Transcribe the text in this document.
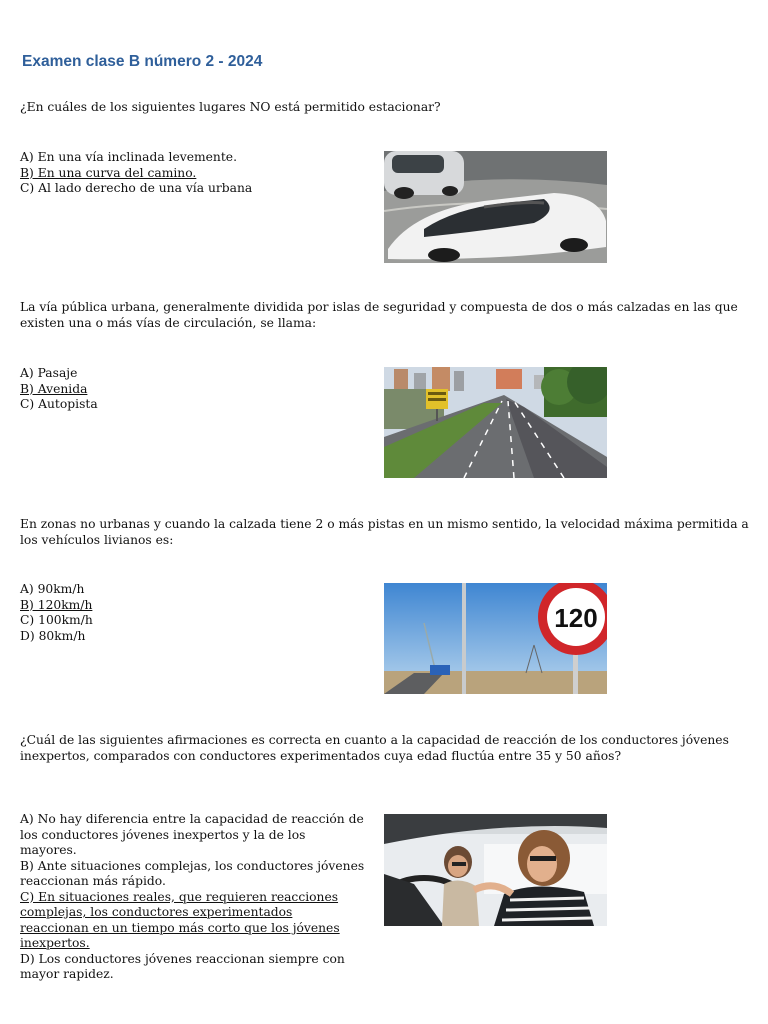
Examen clase B número 2 - 2024
¿En cuáles de los siguientes lugares NO está permitido estacionar?
A) En una vía inclinada levemente.
B) En una curva del camino.
C) Al lado derecho de una vía urbana
La vía pública urbana, generalmente dividida por islas de seguridad y compuesta de dos o más calzadas en las que existen una o más vías de circulación, se llama:
A) Pasaje
B) Avenida
C) Autopista
En zonas no urbanas y cuando la calzada tiene 2 o más pistas en un mismo sentido, la velocidad máxima permitida a los vehículos livianos es:
A) 90km/h
B) 120km/h
C) 100km/h
D) 80km/h
120
¿Cuál de las siguientes afirmaciones es correcta en cuanto a la capacidad de reacción de los conductores jóvenes inexpertos, comparados con conductores experimentados cuya edad fluctúa entre 35 y 50 años?
A) No hay diferencia entre la capacidad de reacción de los conductores jóvenes inexpertos y la de los mayores.
B) Ante situaciones complejas, los conductores jóvenes reaccionan más rápido.
C) En situaciones reales, que requieren reacciones complejas, los conductores experimentados reaccionan en un tiempo más corto que los jóvenes inexpertos.
D) Los conductores jóvenes reaccionan siempre con mayor rapidez.
